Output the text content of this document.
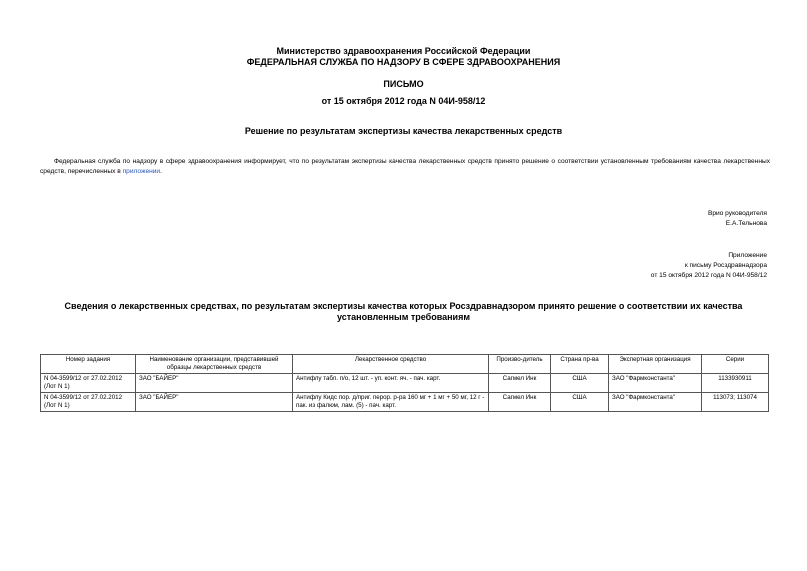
Министерство здравоохранения Российской Федерации
ФЕДЕРАЛЬНАЯ СЛУЖБА ПО НАДЗОРУ В СФЕРЕ ЗДРАВООХРАНЕНИЯ
ПИСЬМО
от 15 октября 2012 года N 04И-958/12
Решение по результатам экспертизы качества лекарственных средств
Федеральная служба по надзору в сфере здравоохранения информирует, что по результатам экспертизы качества лекарственных средств принято решение о соответствии установленным требованиям качества лекарственных средств, перечисленных в приложении.
Врио руководителя
Е.А.Тельнова
Приложение
к письму Росздравнадзора
от 15 октября 2012 года N 04И-958/12
Сведения о лекарственных средствах, по результатам экспертизы качества которых Росздравнадзором принято решение о соответствии их качества установленным требованиям
Номер задания	Наименование организации, представившей образцы лекарственных средств	Лекарственное средство	Произво-дитель	Страна пр-ва	Экспертная организация	Серии
N 04-3599/12 от 27.02.2012 (Лот N 1)	ЗАО "БАЙЕР"	Антифлу табл. п/о, 12 шт. - уп. конт. яч. - пач. карт.	Сагмел Инк	США	ЗАО "Фармконстанта"	1133930911
N 04-3599/12 от 27.02.2012 (Лот N 1)	ЗАО "БАЙЕР"	Антифлу Кидс пор. д/приг. перор. р-ра 160 мг + 1 мг + 50 мг, 12 г - пак. из фалюм, лам. (5) - пач. карт.	Сагмел Инк	США	ЗАО "Фармконстанта"	113073; 113074
